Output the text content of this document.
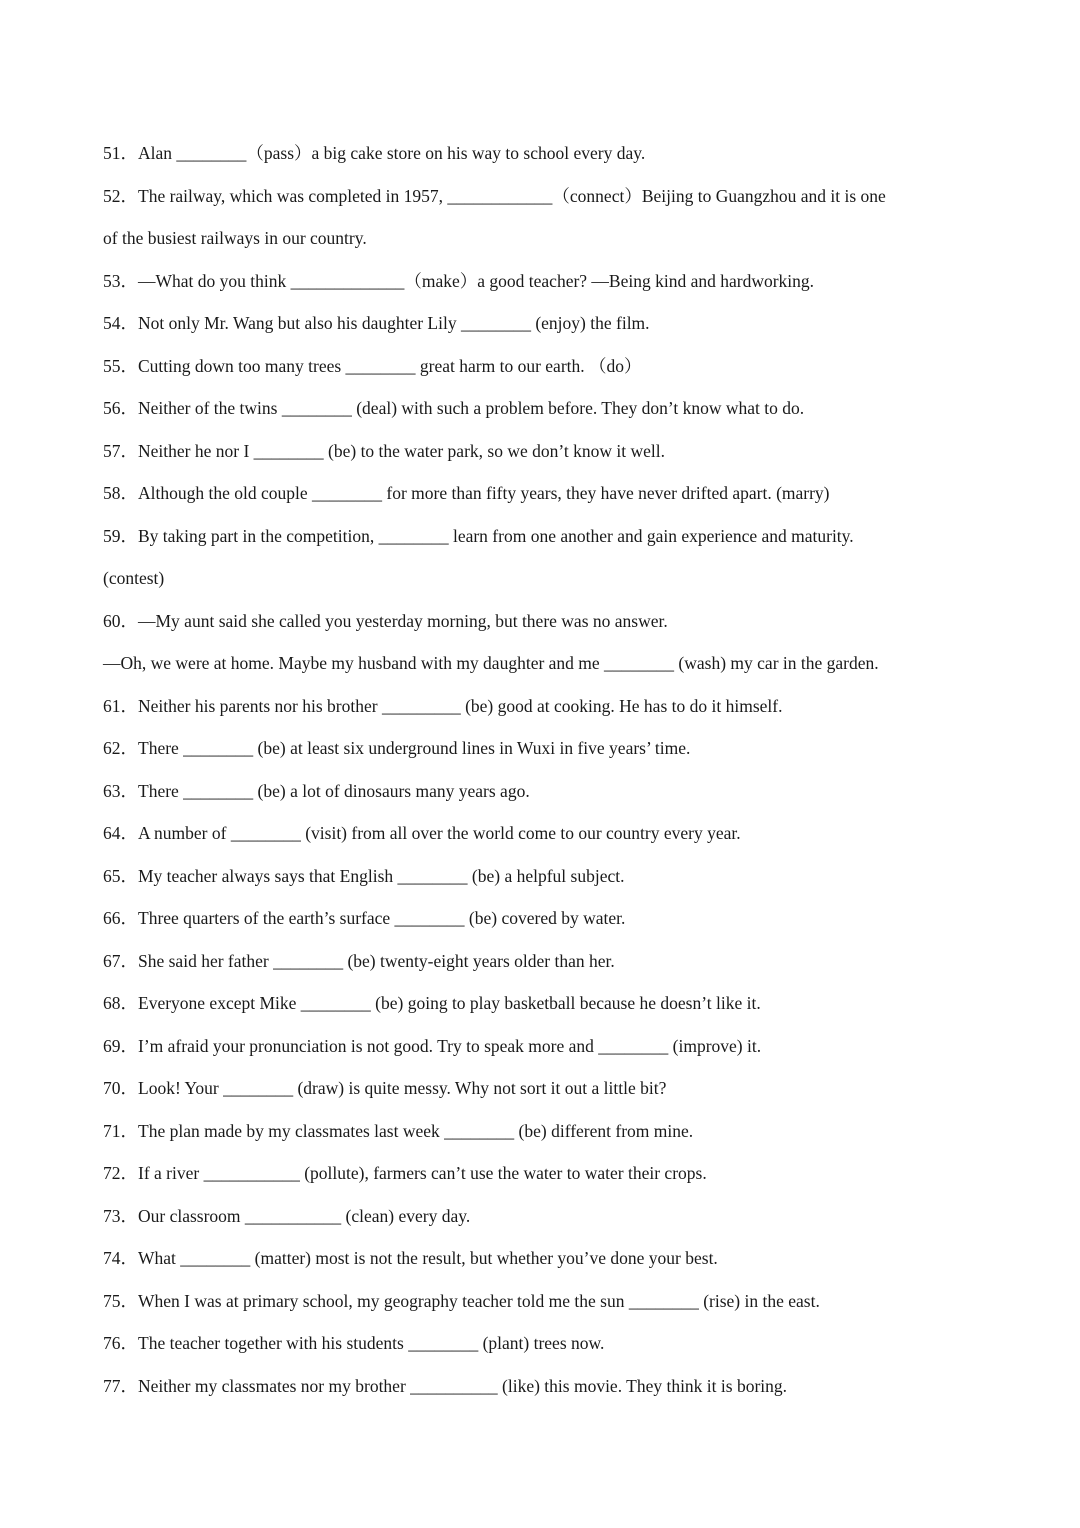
51．Alan ________（pass）a big cake store on his way to school every day.
52．The railway, which was completed in 1957, ____________（connect）Beijing to Guangzhou and it is one
of the busiest railways in our country.
53．—What do you think _____________（make）a good teacher? —Being kind and hardworking.
54．Not only Mr. Wang but also his daughter Lily ________ (enjoy) the film.
55．Cutting down too many trees ________ great harm to our earth. （do）
56．Neither of the twins ________ (deal) with such a problem before. They don’t know what to do.
57．Neither he nor I ________ (be) to the water park, so we don’t know it well.
58．Although the old couple ________ for more than fifty years, they have never drifted apart. (marry)
59．By taking part in the competition, ________ learn from one another and gain experience and maturity.
(contest)
60．—My aunt said she called you yesterday morning, but there was no answer.
—Oh, we were at home. Maybe my husband with my daughter and me ________ (wash) my car in the garden.
61．Neither his parents nor his brother _________ (be) good at cooking. He has to do it himself.
62．There ________ (be) at least six underground lines in Wuxi in five years’ time.
63．There ________ (be) a lot of dinosaurs many years ago.
64．A number of ________ (visit) from all over the world come to our country every year.
65．My teacher always says that English ________ (be) a helpful subject.
66．Three quarters of the earth’s surface ________ (be) covered by water.
67．She said her father ________ (be) twenty-eight years older than her.
68．Everyone except Mike ________ (be) going to play basketball because he doesn’t like it.
69．I’m afraid your pronunciation is not good. Try to speak more and ________ (improve) it.
70．Look! Your ________ (draw) is quite messy. Why not sort it out a little bit?
71．The plan made by my classmates last week ________ (be) different from mine.
72．If a river ___________ (pollute), farmers can’t use the water to water their crops.
73．Our classroom ___________ (clean) every day.
74．What ________ (matter) most is not the result, but whether you’ve done your best.
75．When I was at primary school, my geography teacher told me the sun ________ (rise) in the east.
76．The teacher together with his students ________ (plant) trees now.
77．Neither my classmates nor my brother __________ (like) this movie. They think it is boring.
